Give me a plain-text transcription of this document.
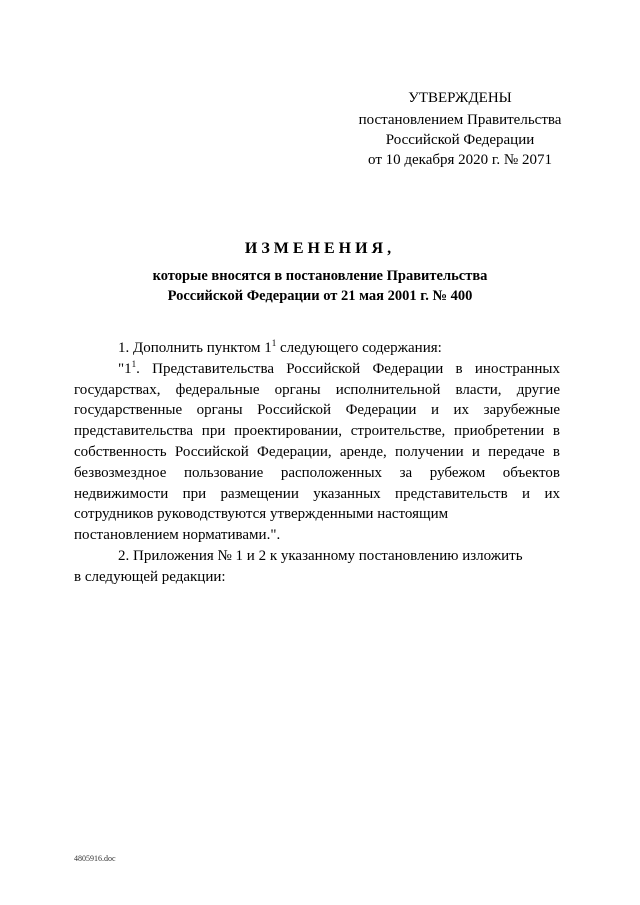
УТВЕРЖДЕНЫ
постановлением Правительства
Российской Федерации
от 10 декабря 2020 г. № 2071
ИЗМЕНЕНИЯ,
которые вносятся в постановление Правительства
Российской Федерации от 21 мая 2001 г. № 400

1. Дополнить пунктом $1^1$ следующего содержания:

"$1^1$. Представительства Российской Федерации в иностранных государствах, федеральные органы исполнительной власти, другие государственные органы Российской Федерации и их зарубежные представительства при проектировании, строительстве, приобретении в собственность Российской Федерации, аренде, получении и передаче в безвозмездное пользование расположенных за рубежом объектов недвижимости при размещении указанных представительств и их сотрудников руководствуются утвержденными настоящим

постановлением нормативами.".

2. Приложения № 1 и 2 к указанному постановлению изложить

в следующей редакции:

4805916.doc
